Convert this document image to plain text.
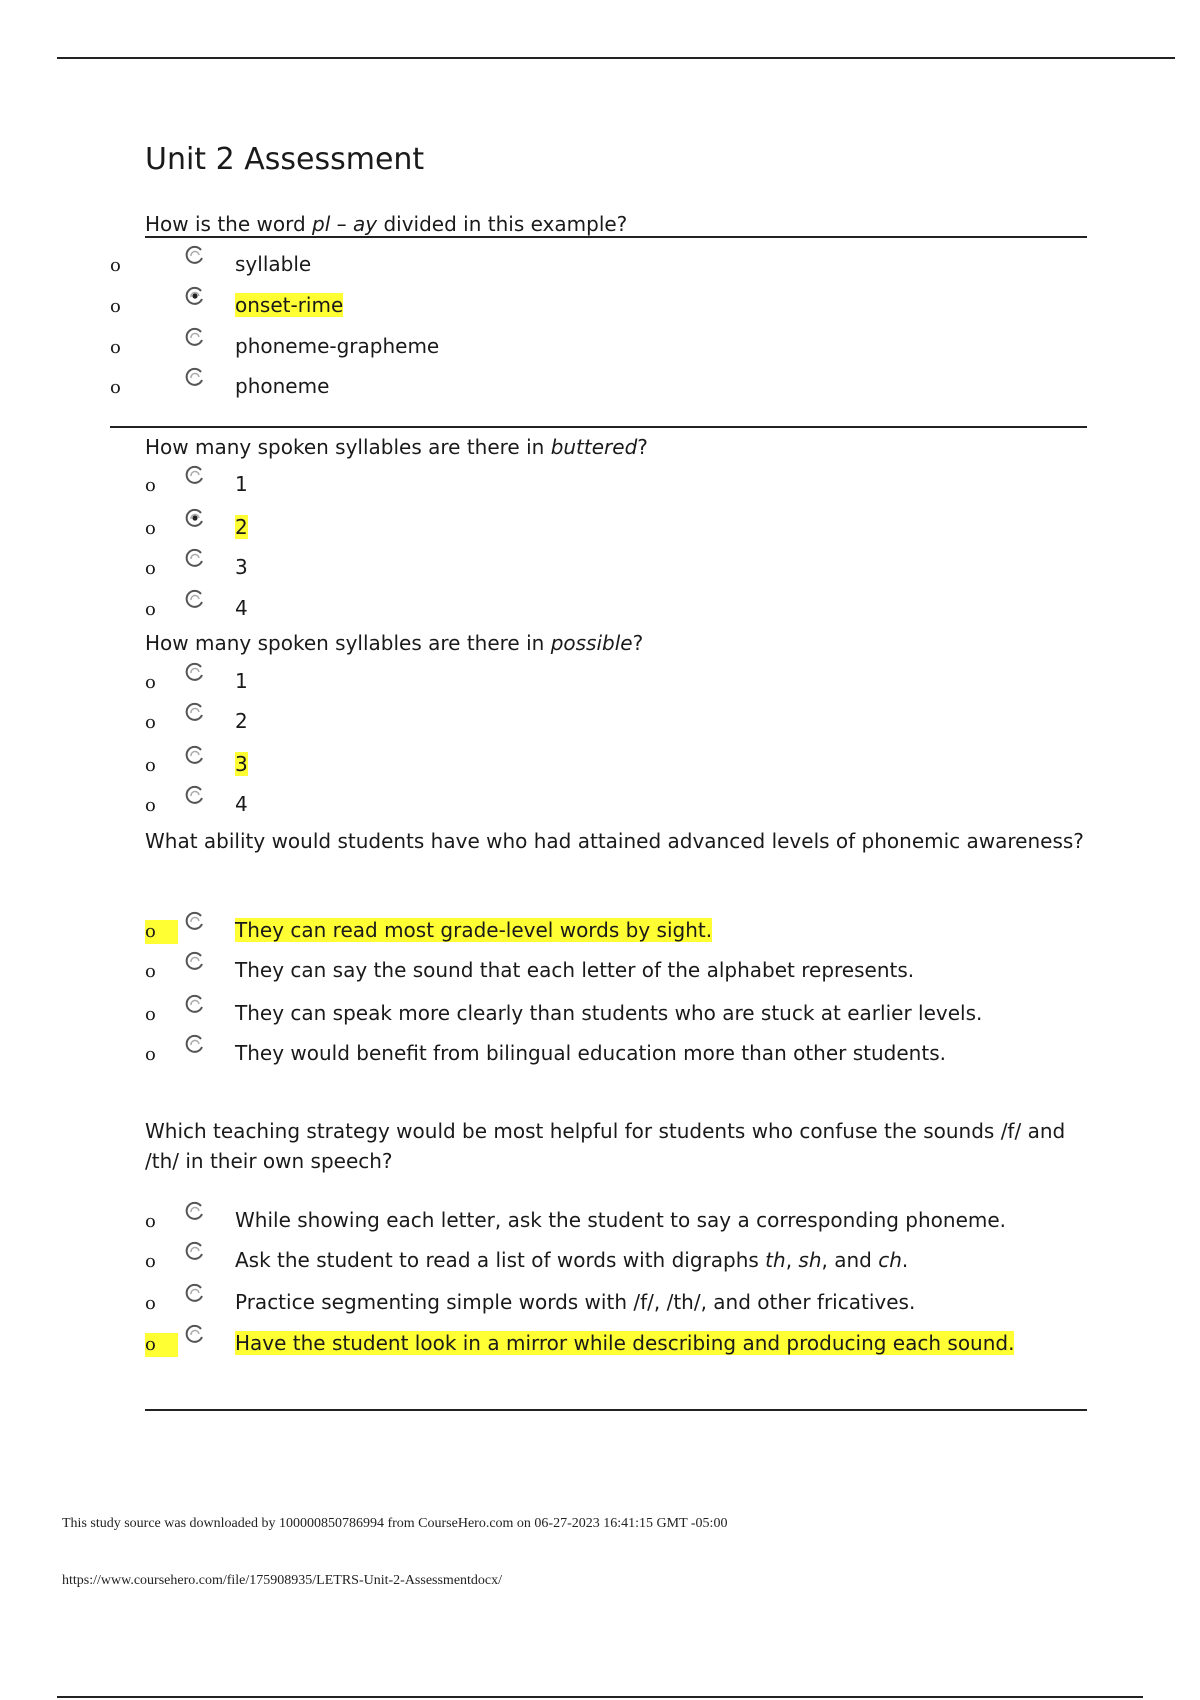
Unit 2 Assessment
How is the word pl – ay divided in this example?
o	syllable
o	onset-rime
o	phoneme-grapheme
o	phoneme
How many spoken syllables are there in buttered?
o	1
o	2
o	3
o	4
How many spoken syllables are there in possible?
o	1
o	2
o	3
o	4
What ability would students have who had attained advanced levels of phonemic awareness?
o	They can read most grade-level words by sight.
o	They can say the sound that each letter of the alphabet represents.
o	They can speak more clearly than students who are stuck at earlier levels.
o	They would benefit from bilingual education more than other students.
Which teaching strategy would be most helpful for students who confuse the sounds /f/ and /th/ in their own speech?
o	While showing each letter, ask the student to say a corresponding phoneme.
o	Ask the student to read a list of words with digraphs th, sh, and ch.
o	Practice segmenting simple words with /f/, /th/, and other fricatives.
o	Have the student look in a mirror while describing and producing each sound.
This study source was downloaded by 100000850786994 from CourseHero.com on 06-27-2023 16:41:15 GMT -05:00
https://www.coursehero.com/file/175908935/LETRS-Unit-2-Assessmentdocx/
